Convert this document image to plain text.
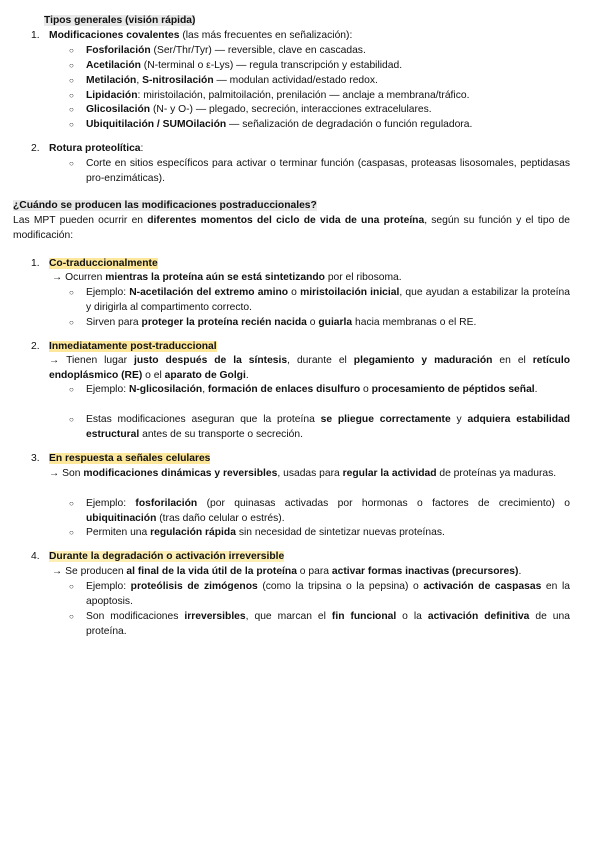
Tipos generales (visión rápida)
1. Modificaciones covalentes (las más frecuentes en señalización):
○ Fosforilación (Ser/Thr/Tyr) — reversible, clave en cascadas.
○ Acetilación (N-terminal o ε-Lys) — regula transcripción y estabilidad.
○ Metilación, S-nitrosilación — modulan actividad/estado redox.
○ Lipidación: miristoilación, palmitoilación, prenilación — anclaje a membrana/tráfico.
○ Glicosilación (N- y O-) — plegado, secreción, interacciones extracelulares.
○ Ubiquitilación / SUMOilación — señalización de degradación o función reguladora.
2. Rotura proteolítica:
○ Corte en sitios específicos para activar o terminar función (caspasas, proteasas lisosomales, peptidasas pro-enzimáticas).
¿Cuándo se producen las modificaciones postraduccionales?
Las MPT pueden ocurrir en diferentes momentos del ciclo de vida de una proteína, según su función y el tipo de modificación:
1. Co-traduccionalmente
→ Ocurren mientras la proteína aún se está sintetizando por el ribosoma.
○ Ejemplo: N-acetilación del extremo amino o miristoilación inicial, que ayudan a estabilizar la proteína y dirigirla al compartimento correcto.
○ Sirven para proteger la proteína recién nacida o guiarla hacia membranas o el RE.
2. Inmediatamente post-traduccional
→ Tienen lugar justo después de la síntesis, durante el plegamiento y maduración en el retículo endoplásmico (RE) o el aparato de Golgi.
○ Ejemplo: N-glicosilación, formación de enlaces disulfuro o procesamiento de péptidos señal.
○ Estas modificaciones aseguran que la proteína se pliegue correctamente y adquiera estabilidad estructural antes de su transporte o secreción.
3. En respuesta a señales celulares
→ Son modificaciones dinámicas y reversibles, usadas para regular la actividad de proteínas ya maduras.
○ Ejemplo: fosforilación (por quinasas activadas por hormonas o factores de crecimiento) o ubiquitinación (tras daño celular o estrés).
○ Permiten una regulación rápida sin necesidad de sintetizar nuevas proteínas.
4. Durante la degradación o activación irreversible
→ Se producen al final de la vida útil de la proteína o para activar formas inactivas (precursores).
○ Ejemplo: proteólisis de zimógenos (como la tripsina o la pepsina) o activación de caspasas en la apoptosis.
○ Son modificaciones irreversibles, que marcan el fin funcional o la activación definitiva de una proteína.
